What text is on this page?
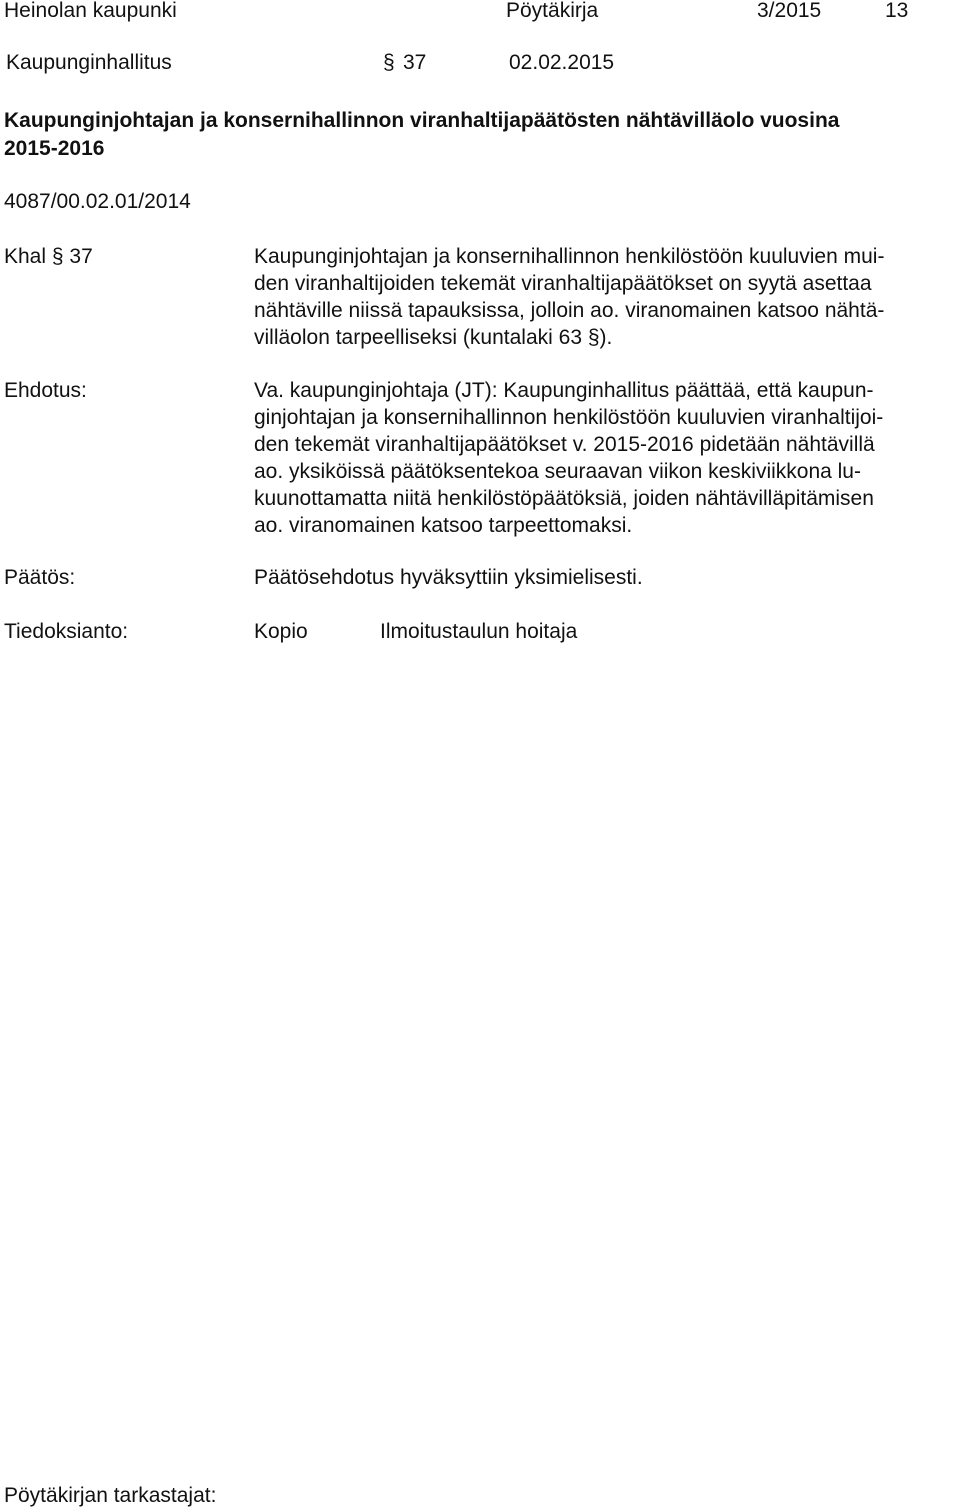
Heinolan kaupunki	Pöytäkirja	3/2015	13
Kaupunginhallitus	§ 37	02.02.2015
Kaupunginjohtajan ja konsernihallinnon viranhaltijapäätösten nähtävilläolo vuosina
2015-2016
4087/00.02.01/2014
Khal § 37	Kaupunginjohtajan ja konsernihallinnon henkilöstöön kuuluvien mui-
den viranhaltijoiden tekemät viranhaltijapäätökset on syytä asettaa
nähtäville niissä tapauksissa, jolloin ao. viranomainen katsoo nähtä-
villäolon tarpeelliseksi (kuntalaki 63 §).
Ehdotus:	Va. kaupunginjohtaja (JT): Kaupunginhallitus päättää, että kaupun-
ginjohtajan ja konsernihallinnon henkilöstöön kuuluvien viranhaltijoi-
den tekemät viranhaltijapäätökset v. 2015-2016 pidetään nähtävillä
ao. yksiköissä päätöksentekoa seuraavan viikon keskiviikkona lu-
kuunottamatta niitä henkilöstöpäätöksiä, joiden nähtävilläpitämisen
ao. viranomainen katsoo tarpeettomaksi.
Päätös:	Päätösehdotus hyväksyttiin yksimielisesti.
Tiedoksianto:	Kopio	Ilmoitustaulun hoitaja
Pöytäkirjan tarkastajat:
